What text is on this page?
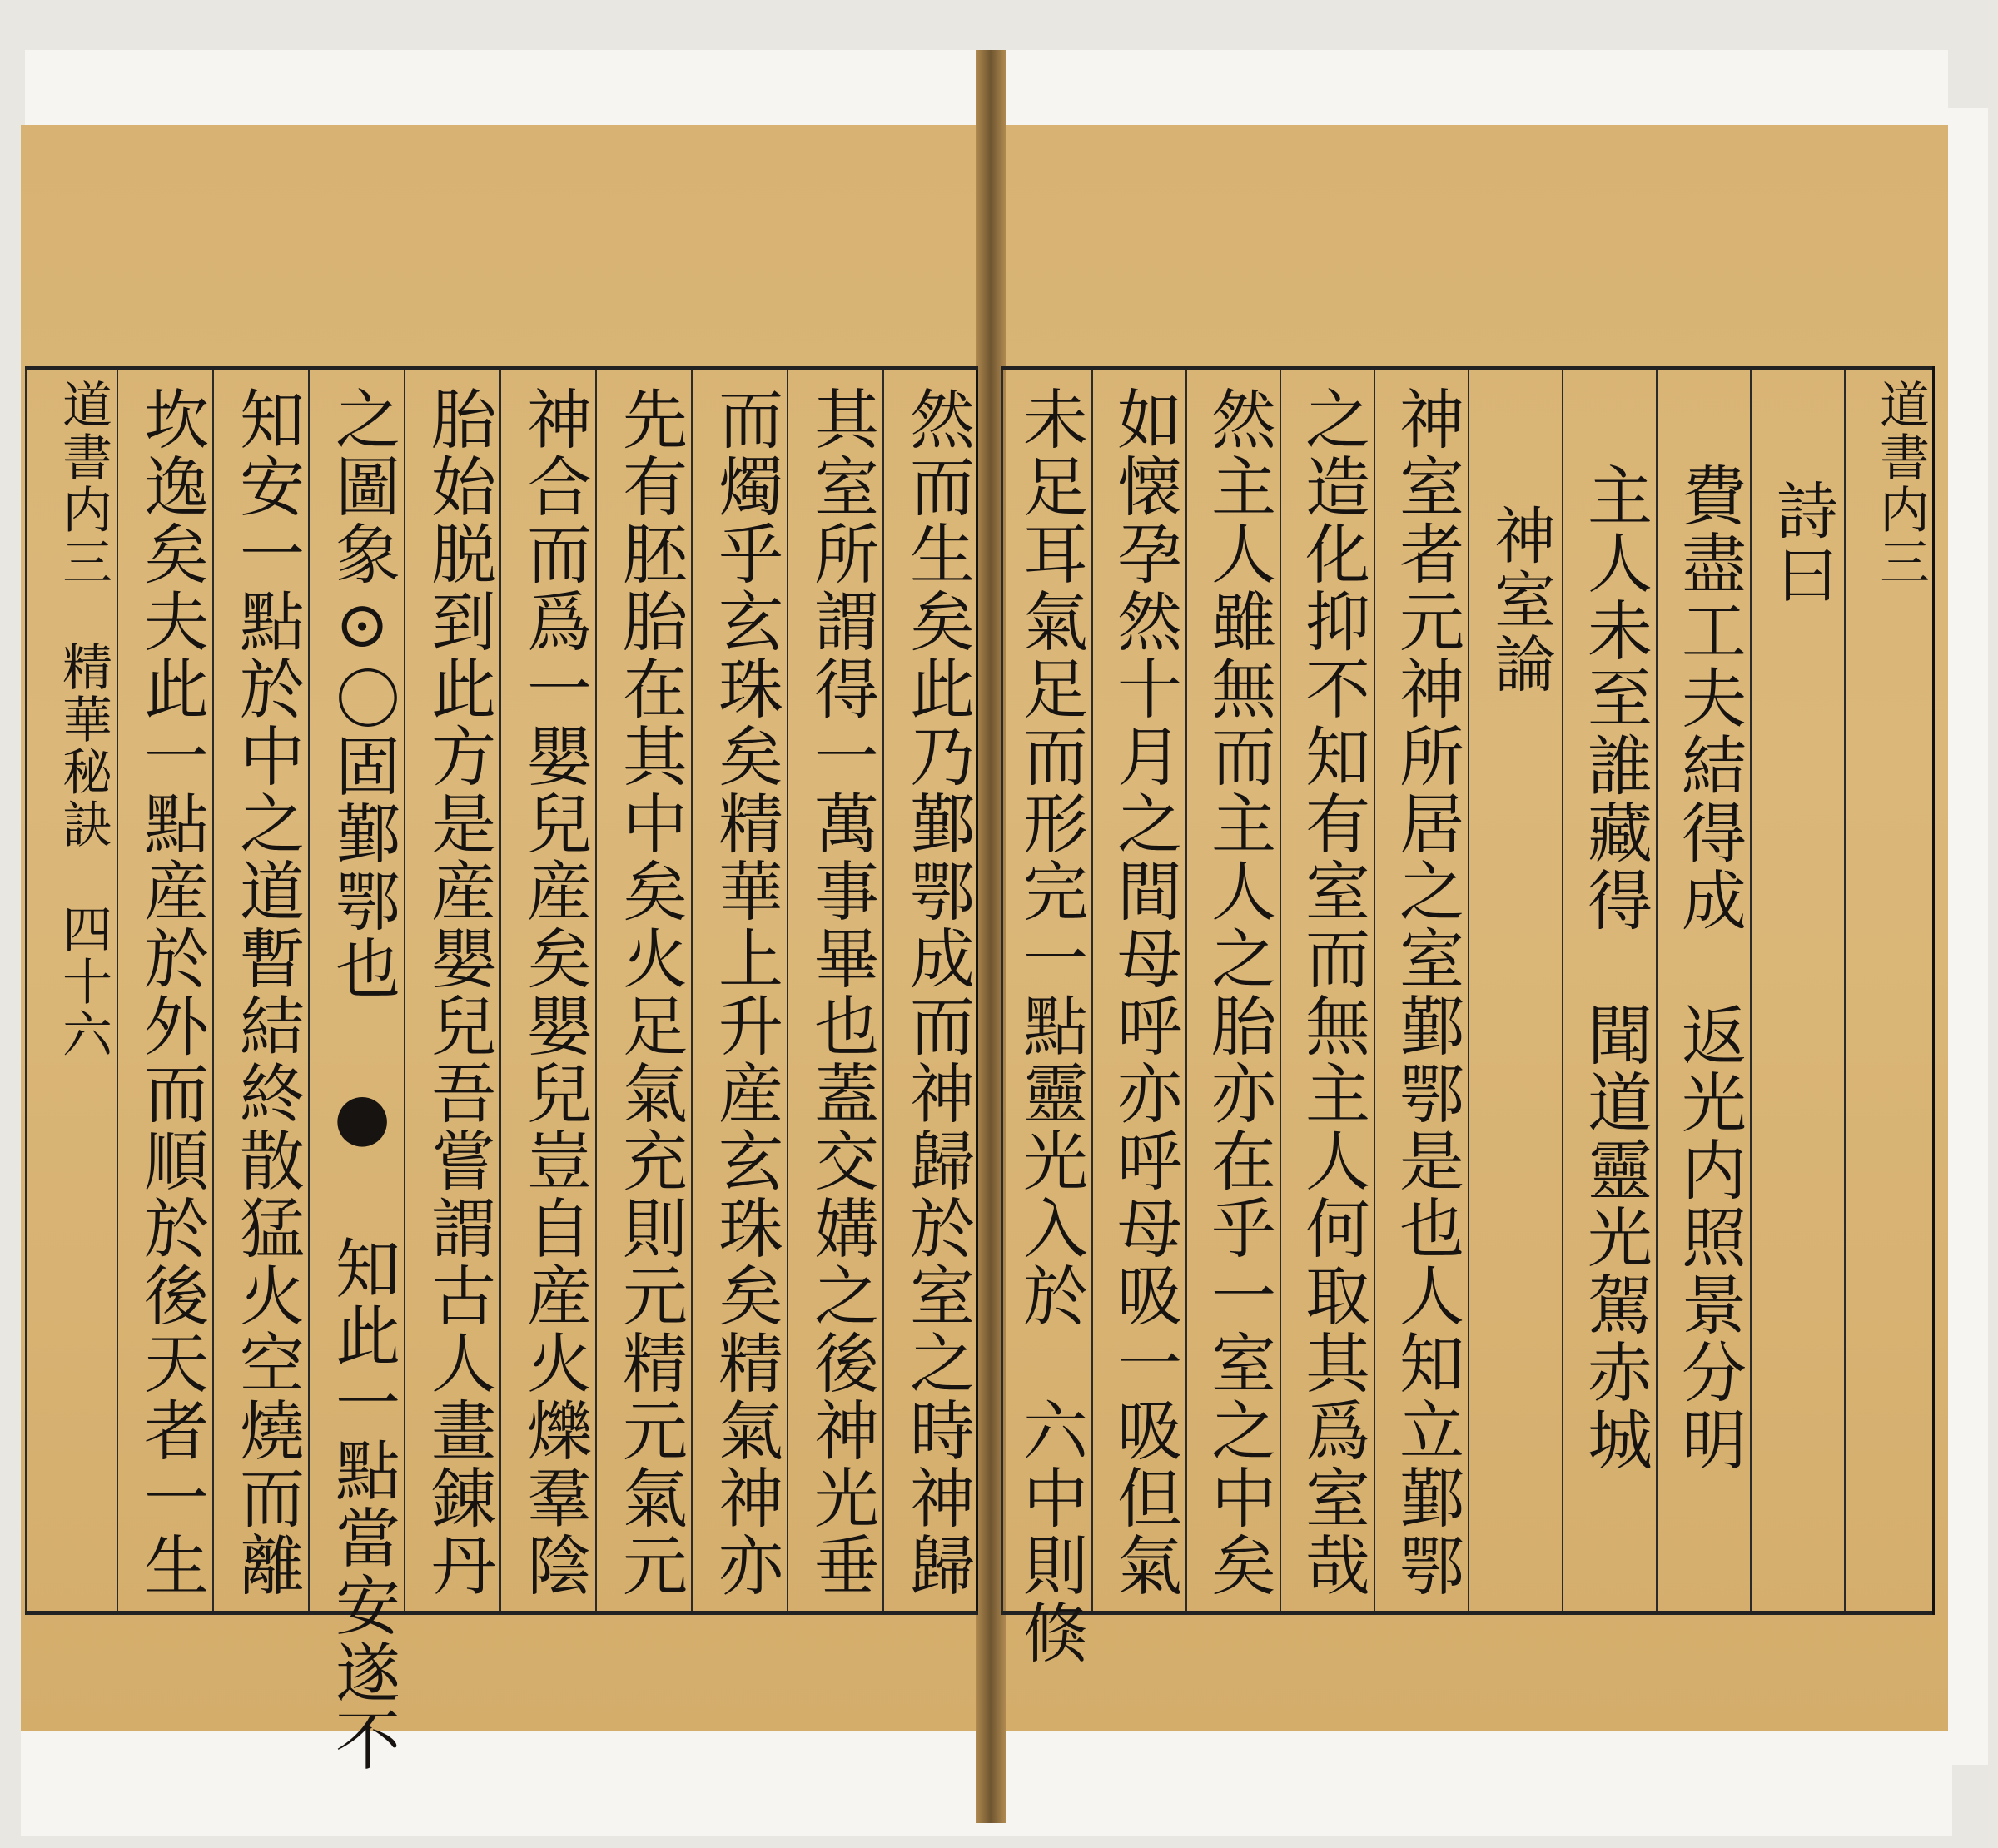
未足耳氣足而形完一點靈光入於　六中則倏 如懐孕然十月之間母呼亦呼母吸一吸但氣 然主人雖無而主人之胎亦在乎一室之中矣 之造化抑不知有室而無主人何取其爲室哉 神室者元神所居之室鄞鄂是也人知立鄞鄂 神室論 主人未至誰藏得　聞道靈光駕赤城 費盡工夫結得成　返光内照景分明 詩曰 道書内三
道書内三　精華秘訣　四十六 坎逸矣夫此一點産於外而順於後天者一生 知安一點於中之道暫結終散猛火空燒而離 之圖象⊙〇固鄞鄂也 ● 知此一點當安遂不 胎始脱到此方是産嬰兒吾嘗謂古人畫錬丹 神合而爲一嬰兒産矣嬰兒豈自産火爍羣陰 先有胚胎在其中矣火足氣充則元精元氣元 而燭乎玄珠矣精華上升産玄珠矣精氣神亦 其室所謂得一萬事畢也蓋交媾之後神光垂 然而生矣此乃鄞鄂成而神歸於室之時神歸
